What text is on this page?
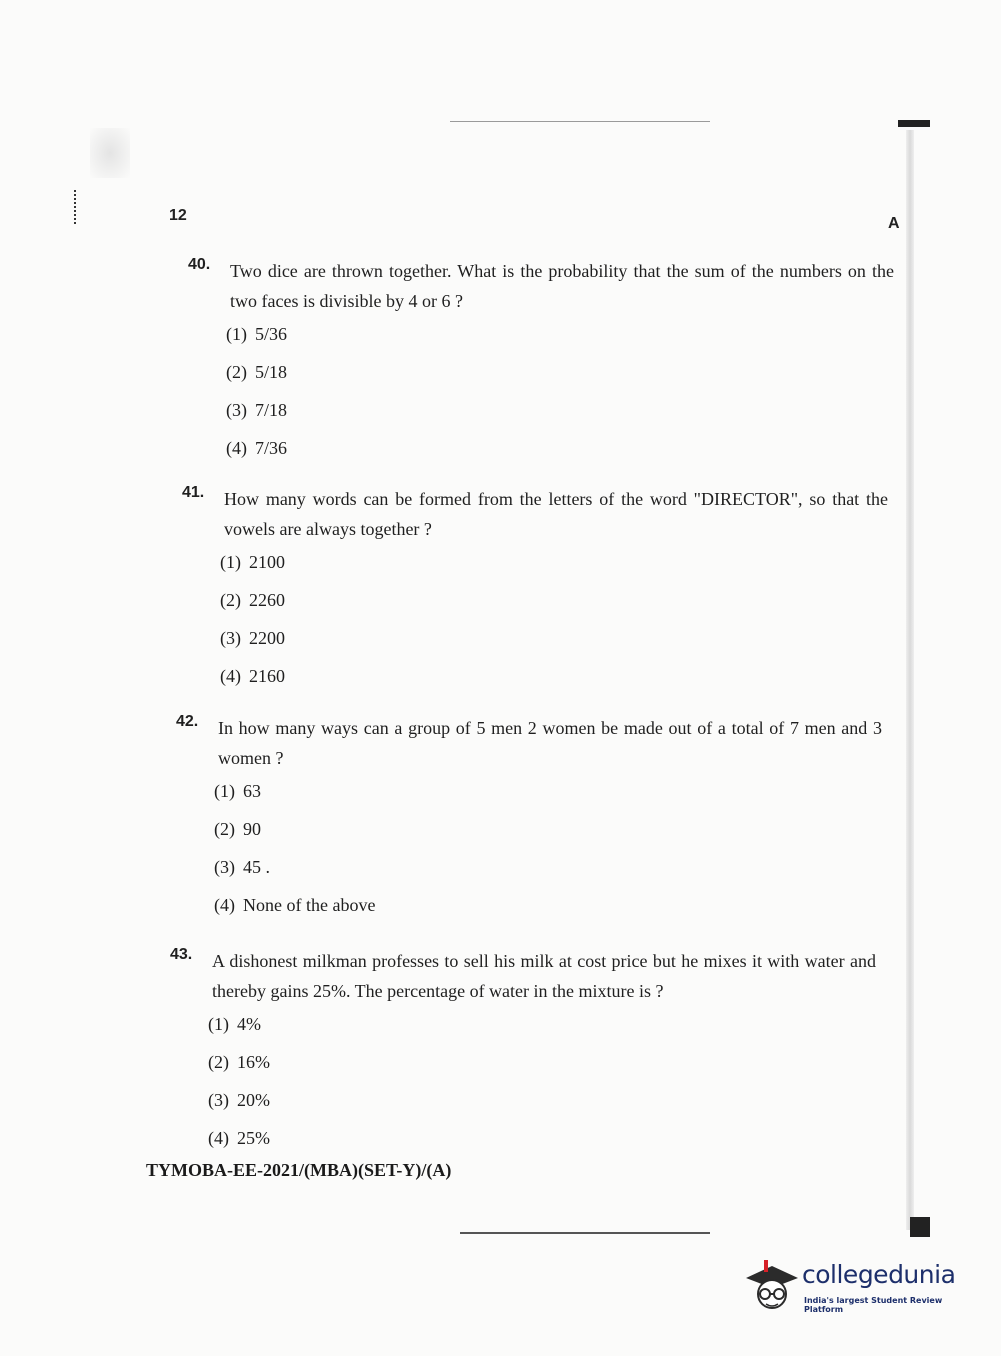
12	A
40. Two dice are thrown together. What is the probability that the sum of the numbers on the two faces is divisible by 4 or 6 ?
(1) 5/36
(2) 5/18
(3) 7/18
(4) 7/36
41. How many words can be formed from the letters of the word "DIRECTOR", so that the vowels are always together ?
(1) 2100
(2) 2260
(3) 2200
(4) 2160
42. In how many ways can a group of 5 men 2 women be made out of a total of 7 men and 3 women ?
(1) 63
(2) 90
(3) 45 .
(4) None of the above
43. A dishonest milkman professes to sell his milk at cost price but he mixes it with water and thereby gains 25%. The percentage of water in the mixture is ?
(1) 4%
(2) 16%
(3) 20%
(4) 25%
TYMOBA-EE-2021/(MBA)(SET-Y)/(A)
collegedunia
India's largest Student Review Platform
